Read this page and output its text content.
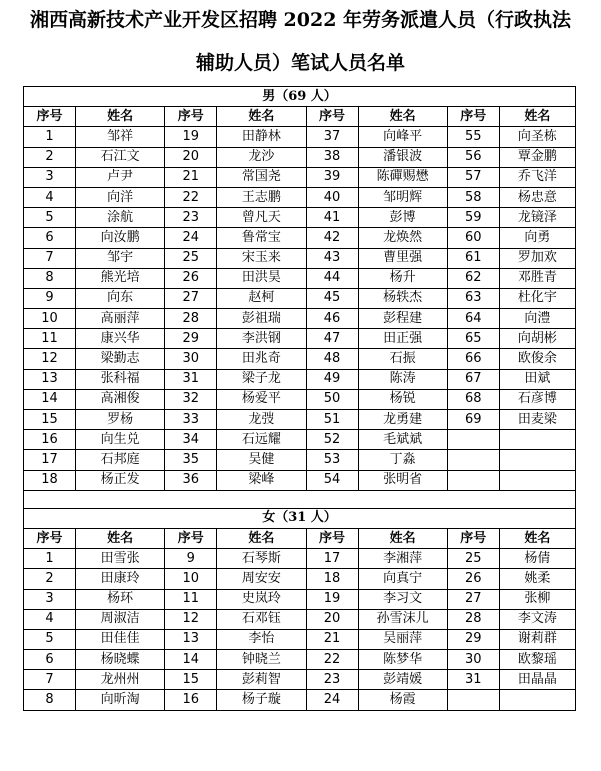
湘西高新技术产业开发区招聘 2022 年劳务派遣人员（行政执法
辅助人员）笔试人员名单
男（69 人）							
序号	姓名	序号	姓名	序号	姓名	序号	姓名
1	邹祥	19	田静林	37	向峰平	55	向圣栋
2	石江文	20	龙沙	38	潘银波	56	覃金鹏
3	卢尹	21	常国尧	39	陈磾赐懋	57	乔飞洋
4	向洋	22	王志鹏	40	邹明辉	58	杨忠意
5	涂航	23	曾凡天	41	彭博	59	龙镜泽
6	向汝鹏	24	鲁常宝	42	龙焕然	60	向勇
7	邹宇	25	宋玉来	43	曹里强	61	罗加欢
8	熊光培	26	田洪昊	44	杨升	62	邓胜青
9	向东	27	赵柯	45	杨轶杰	63	杜化宇
10	高丽萍	28	彭祖瑞	46	彭程建	64	向澧
11	康兴华	29	李洪钢	47	田正强	65	向胡彬
12	梁勤志	30	田兆奇	48	石振	66	欧俊余
13	张科福	31	梁子龙	49	陈涛	67	田斌
14	高湘俊	32	杨爱平	50	杨锐	68	石彦博
15	罗杨	33	龙弢	51	龙勇建	69	田麦梁
16	向生兑	34	石远耀	52	毛斌斌		
17	石邦庭	35	吴健	53	丁淼		
18	杨正发	36	梁峰	54	张明省		

女（31 人）							
序号	姓名	序号	姓名	序号	姓名	序号	姓名
1	田雪张	9	石琴斯	17	李湘萍	25	杨倩
2	田康玲	10	周安安	18	向真宁	26	姚柔
3	杨环	11	史岚玲	19	李习文	27	张柳
4	周淑洁	12	石邓钰	20	孙雪沫儿	28	李文涛
5	田佳佳	13	李怡	21	吴丽萍	29	谢莉群
6	杨晓蝶	14	钟晓兰	22	陈梦华	30	欧黎瑶
7	龙州州	15	彭莉智	23	彭靖媛	31	田晶晶
8	向昕淘	16	杨子璇	24	杨霞		
